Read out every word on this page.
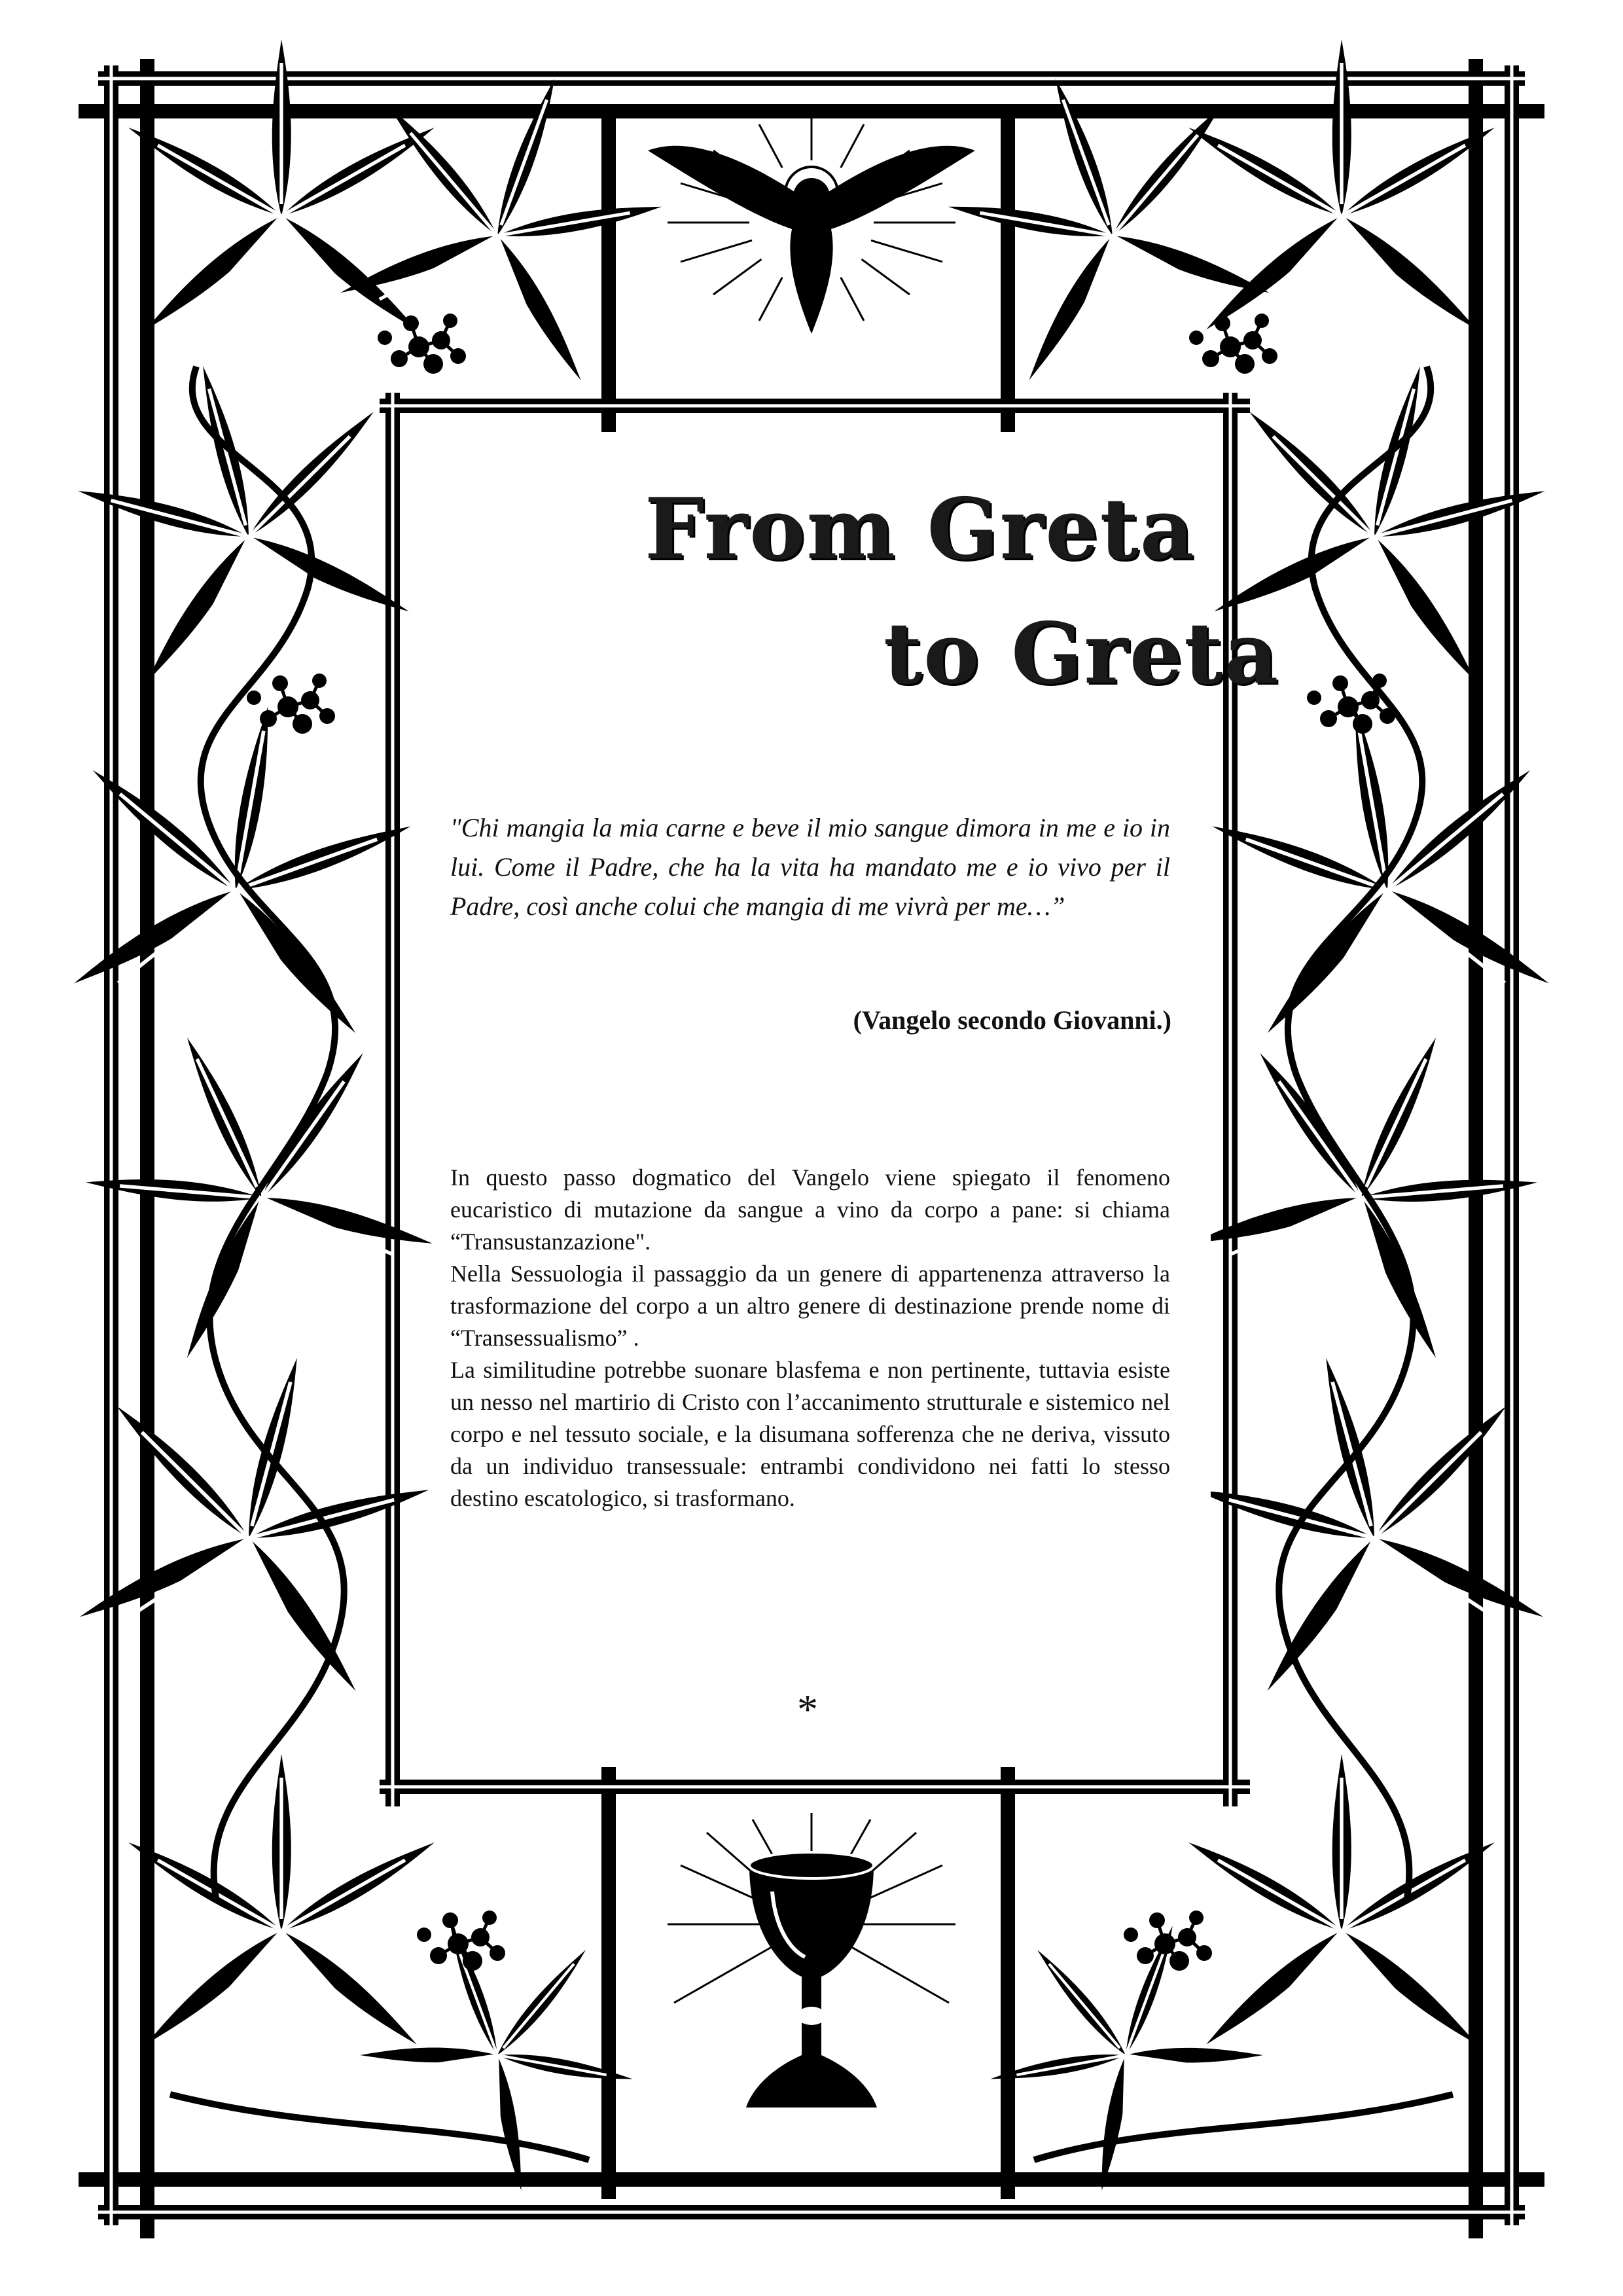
From Greta
to Greta
"Chi mangia la mia carne e beve il mio sangue dimora in me e io in lui. Come il Padre, che ha la vita ha mandato me e io vivo per il Padre, così anche colui che mangia di me vivrà per me…”
(Vangelo secondo Giovanni.)
In questo passo dogmatico del Vangelo viene spiegato il fenomeno eucaristico di mutazione da sangue a vino da corpo a pane: si chiama “Transustanzazione".
Nella Sessuologia il passaggio da un genere di appartenenza attraverso la trasformazione del corpo a un altro genere di destinazione prende nome di “Transessualismo” .
La similitudine potrebbe suonare blasfema e non pertinente, tuttavia esiste un nesso nel martirio di Cristo con l’accanimento strutturale e sistemico nel corpo e nel tessuto sociale, e la disumana sofferenza che ne deriva, vissuto da un individuo transessuale: entrambi condividono nei fatti lo stesso destino escatologico, si trasformano.
*
